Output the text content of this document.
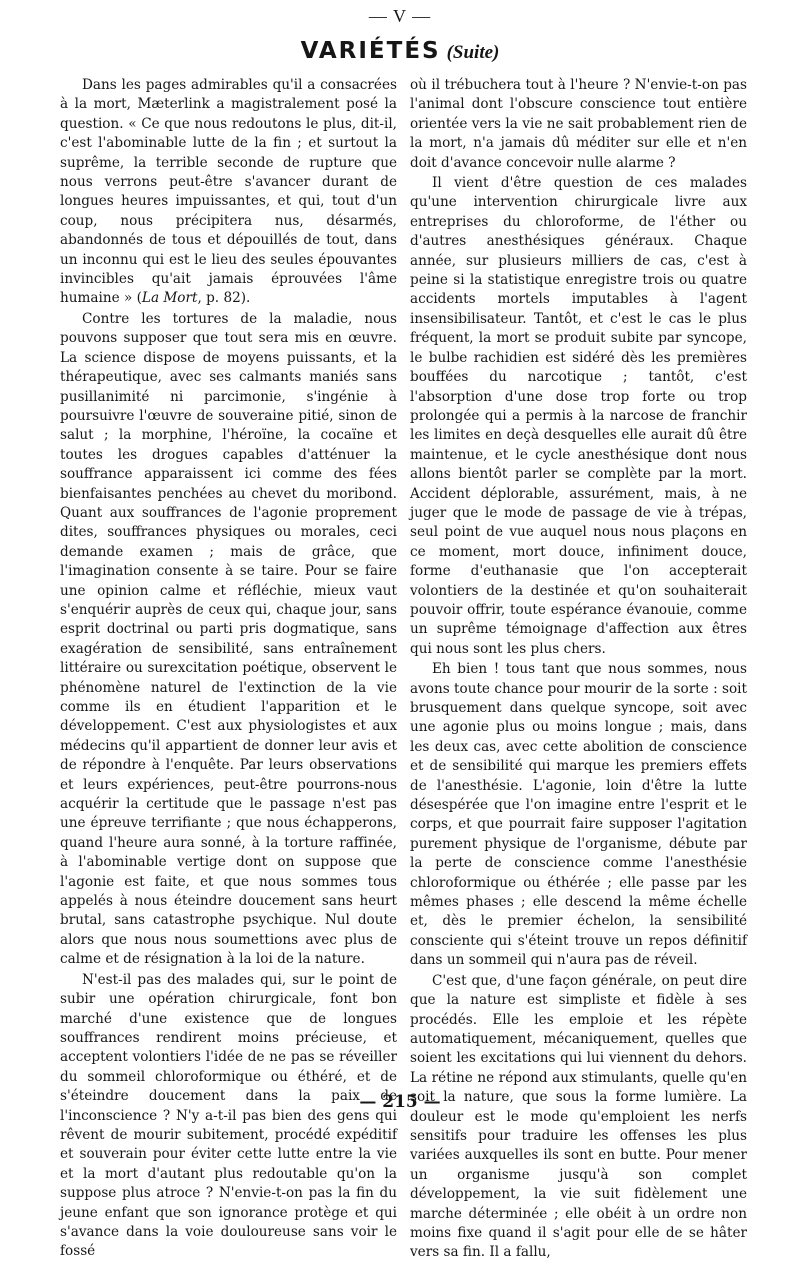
— V —
VARIÉTÉS (Suite)

Dans les pages admirables qu'il a consacrées à la mort, Mæterlink a magistralement posé la question. « Ce que nous redoutons le plus, dit-il, c'est l'abominable lutte de la fin ; et surtout la suprême, la terrible seconde de rupture que nous verrons peut-être s'avancer durant de longues heures impuissantes, et qui, tout d'un coup, nous précipitera nus, désarmés, abandonnés de tous et dépouillés de tout, dans un inconnu qui est le lieu des seules épouvantes invincibles qu'ait jamais éprouvées l'âme humaine » (La Mort, p. 82).

Contre les tortures de la maladie, nous pouvons supposer que tout sera mis en œuvre. La science dispose de moyens puissants, et la thérapeutique, avec ses calmants maniés sans pusillanimité ni parcimonie, s'ingénie à poursuivre l'œuvre de souveraine pitié, sinon de salut ; la morphine, l'héroïne, la cocaïne et toutes les drogues capables d'atténuer la souffrance apparaissent ici comme des fées bienfaisantes penchées au chevet du moribond. Quant aux souffrances de l'agonie proprement dites, souffrances physiques ou morales, ceci demande examen ; mais de grâce, que l'imagination consente à se taire. Pour se faire une opinion calme et réfléchie, mieux vaut s'enquérir auprès de ceux qui, chaque jour, sans esprit doctrinal ou parti pris dogmatique, sans exagération de sensibilité, sans entraînement littéraire ou surexcitation poétique, observent le phénomène naturel de l'extinction de la vie comme ils en étudient l'apparition et le développement. C'est aux physiologistes et aux médecins qu'il appartient de donner leur avis et de répondre à l'enquête. Par leurs observations et leurs expériences, peut-être pourrons-nous acquérir la certitude que le passage n'est pas une épreuve terrifiante ; que nous échapperons, quand l'heure aura sonné, à la torture raffinée, à l'abominable vertige dont on suppose que l'agonie est faite, et que nous sommes tous appelés à nous éteindre doucement sans heurt brutal, sans catastrophe psychique. Nul doute alors que nous nous soumettions avec plus de calme et de résignation à la loi de la nature.

N'est-il pas des malades qui, sur le point de subir une opération chirurgicale, font bon marché d'une existence que de longues souffrances rendirent moins précieuse, et acceptent volontiers l'idée de ne pas se réveiller du sommeil chloroformique ou éthéré, et de s'éteindre doucement dans la paix de l'inconscience ? N'y a-t-il pas bien des gens qui rêvent de mourir subitement, procédé expéditif et souverain pour éviter cette lutte entre la vie et la mort d'autant plus redoutable qu'on la suppose plus atroce ? N'envie-t-on pas la fin du jeune enfant que son ignorance protège et qui s'avance dans la voie douloureuse sans voir le fossé

où il trébuchera tout à l'heure ? N'envie-t-on pas l'animal dont l'obscure conscience tout entière orientée vers la vie ne sait probablement rien de la mort, n'a jamais dû méditer sur elle et n'en doit d'avance concevoir nulle alarme ?

Il vient d'être question de ces malades qu'une intervention chirurgicale livre aux entreprises du chloroforme, de l'éther ou d'autres anesthésiques généraux. Chaque année, sur plusieurs milliers de cas, c'est à peine si la statistique enregistre trois ou quatre accidents mortels imputables à l'agent insensibilisateur. Tantôt, et c'est le cas le plus fréquent, la mort se produit subite par syncope, le bulbe rachidien est sidéré dès les premières bouffées du narcotique ; tantôt, c'est l'absorption d'une dose trop forte ou trop prolongée qui a permis à la narcose de franchir les limites en deçà desquelles elle aurait dû être maintenue, et le cycle anesthésique dont nous allons bientôt parler se complète par la mort. Accident déplorable, assurément, mais, à ne juger que le mode de passage de vie à trépas, seul point de vue auquel nous nous plaçons en ce moment, mort douce, infiniment douce, forme d'euthanasie que l'on accepterait volontiers de la destinée et qu'on souhaiterait pouvoir offrir, toute espérance évanouie, comme un suprême témoignage d'affection aux êtres qui nous sont les plus chers.

Eh bien ! tous tant que nous sommes, nous avons toute chance pour mourir de la sorte : soit brusquement dans quelque syncope, soit avec une agonie plus ou moins longue ; mais, dans les deux cas, avec cette abolition de conscience et de sensibilité qui marque les premiers effets de l'anesthésie. L'agonie, loin d'être la lutte désespérée que l'on imagine entre l'esprit et le corps, et que pourrait faire supposer l'agitation purement physique de l'organisme, débute par la perte de conscience comme l'anesthésie chloroformique ou éthérée ; elle passe par les mêmes phases ; elle descend la même échelle et, dès le premier échelon, la sensibilité consciente qui s'éteint trouve un repos définitif dans un sommeil qui n'aura pas de réveil.

C'est que, d'une façon générale, on peut dire que la nature est simpliste et fidèle à ses procédés. Elle les emploie et les répète automatiquement, mécaniquement, quelles que soient les excitations qui lui viennent du dehors. La rétine ne répond aux stimulants, quelle qu'en soit la nature, que sous la forme lumière. La douleur est le mode qu'emploient les nerfs sensitifs pour traduire les offenses les plus variées auxquelles ils sont en butte. Pour mener un organisme jusqu'à son complet développement, la vie suit fidèlement une marche déterminée ; elle obéit à un ordre non moins fixe quand il s'agit pour elle de se hâter vers sa fin. Il a fallu,

— 215 —
